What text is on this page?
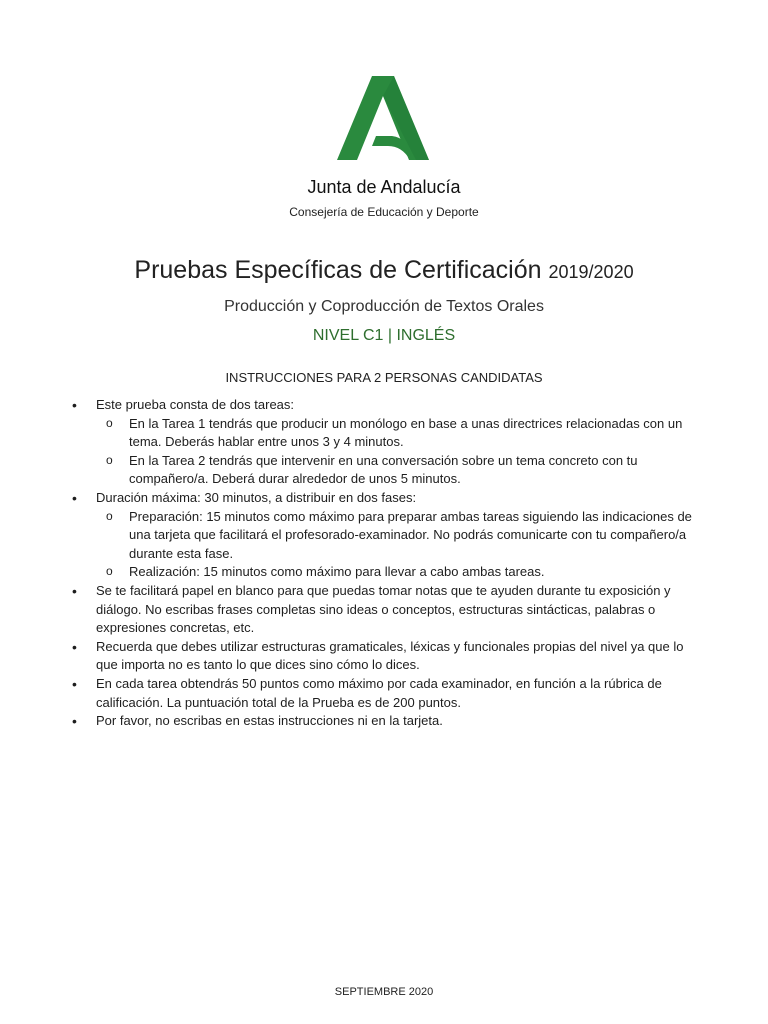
Junta de Andalucía
Consejería de Educación y Deporte
Pruebas Específicas de Certificación 2019/2020
Producción y Coproducción de Textos Orales
NIVEL C1 | INGLÉS
INSTRUCCIONES PARA 2 PERSONAS CANDIDATAS
• Este prueba consta de dos tareas:
o En la Tarea 1 tendrás que producir un monólogo en base a unas directrices relacionadas con un tema. Deberás hablar entre unos 3 y 4 minutos.
o En la Tarea 2 tendrás que intervenir en una conversación sobre un tema concreto con tu compañero/a. Deberá durar alrededor de unos 5 minutos.
• Duración máxima: 30 minutos, a distribuir en dos fases:
o Preparación: 15 minutos como máximo para preparar ambas tareas siguiendo las indicaciones de una tarjeta que facilitará el profesorado-examinador. No podrás comunicarte con tu compañero/a durante esta fase.
o Realización: 15 minutos como máximo para llevar a cabo ambas tareas.
• Se te facilitará papel en blanco para que puedas tomar notas que te ayuden durante tu exposición y diálogo. No escribas frases completas sino ideas o conceptos, estructuras sintácticas, palabras o expresiones concretas, etc.
• Recuerda que debes utilizar estructuras gramaticales, léxicas y funcionales propias del nivel ya que lo que importa no es tanto lo que dices sino cómo lo dices.
• En cada tarea obtendrás 50 puntos como máximo por cada examinador, en función a la rúbrica de calificación. La puntuación total de la Prueba es de 200 puntos.
• Por favor, no escribas en estas instrucciones ni en la tarjeta.
SEPTIEMBRE 2020
